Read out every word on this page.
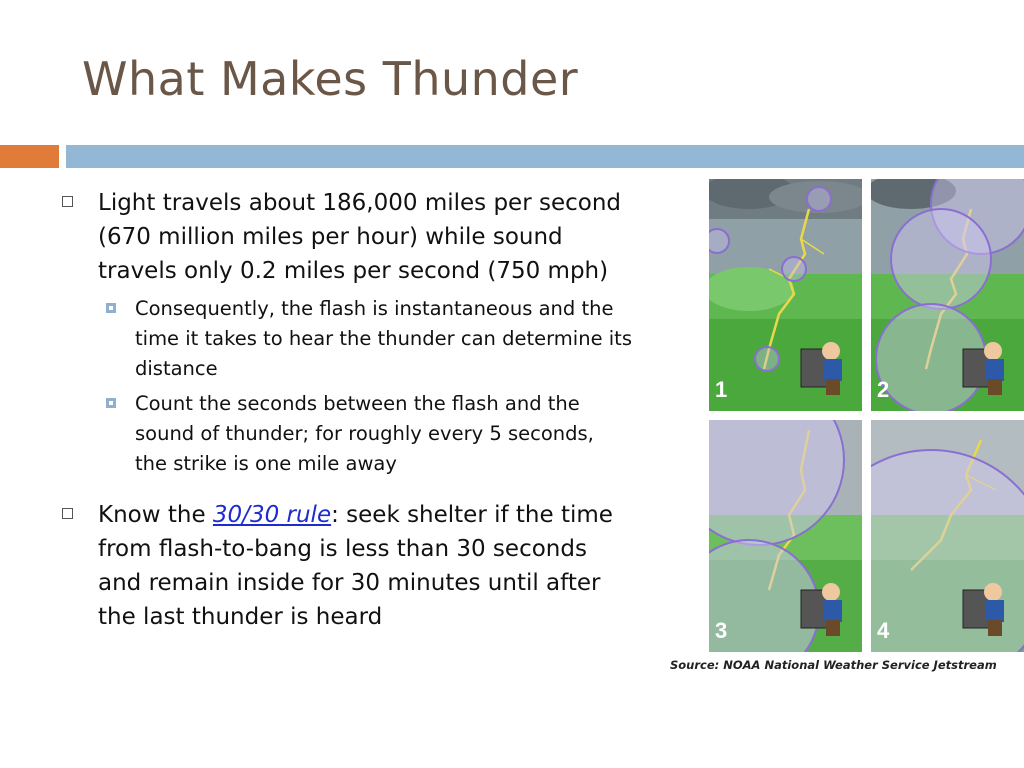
What Makes Thunder
Light travels about 186,000 miles per second (670 million miles per hour) while sound travels only 0.2 miles per second (750 mph)
Consequently, the flash is instantaneous and the time it takes to hear the thunder can determine its distance
Count the seconds between the flash and the sound of thunder; for roughly every 5 seconds, the strike is one mile away
Know the 30/30 rule: seek shelter if the time from flash-to-bang is less than 30 seconds and remain inside for 30 minutes until after the last thunder is heard
1	2
3	4
Source: NOAA National Weather Service Jetstream
